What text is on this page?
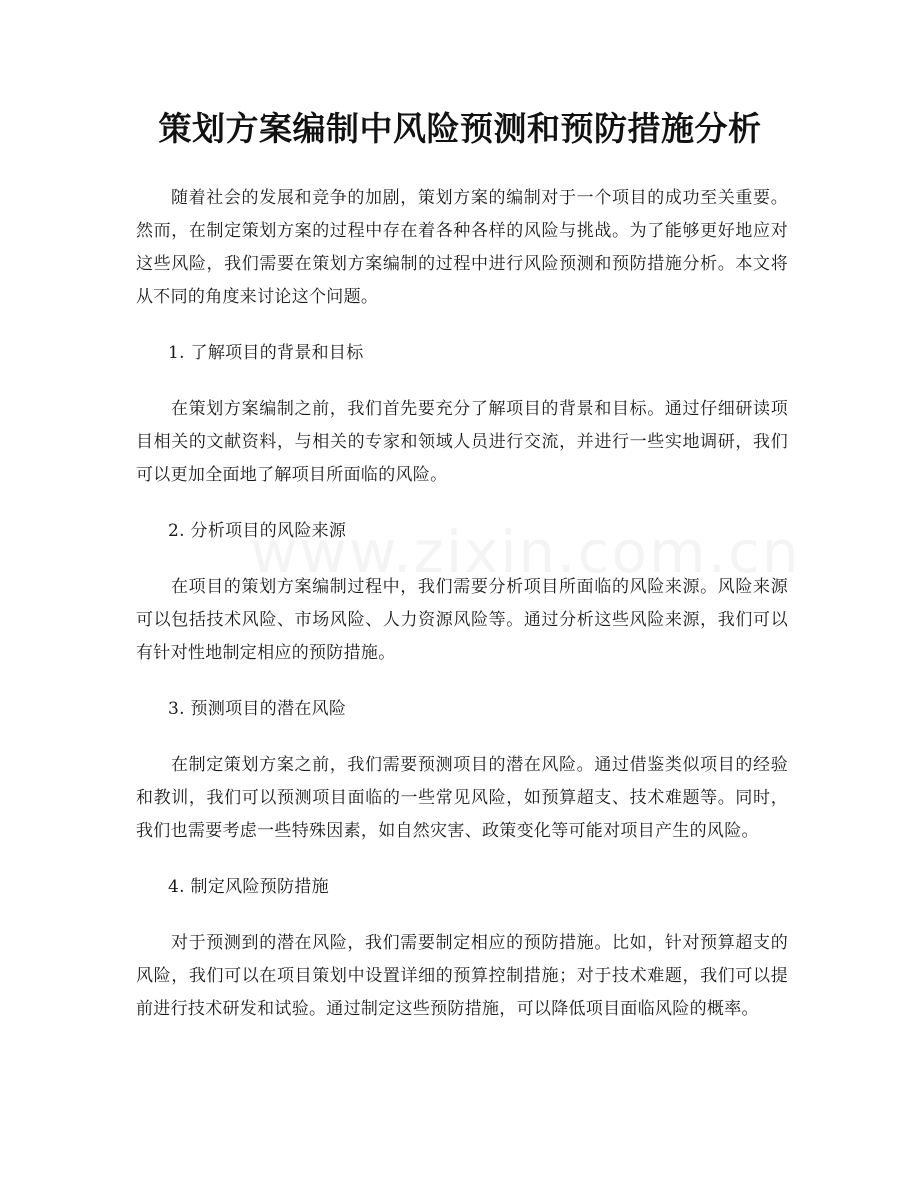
策划方案编制中风险预测和预防措施分析

随着社会的发展和竞争的加剧，策划方案的编制对于一个项目的成功至关重要。然而，在制定策划方案的过程中存在着各种各样的风险与挑战。为了能够更好地应对这些风险，我们需要在策划方案编制的过程中进行风险预测和预防措施分析。本文将从不同的角度来讨论这个问题。

1. 了解项目的背景和目标

在策划方案编制之前，我们首先要充分了解项目的背景和目标。通过仔细研读项目相关的文献资料，与相关的专家和领域人员进行交流，并进行一些实地调研，我们可以更加全面地了解项目所面临的风险。

2. 分析项目的风险来源

在项目的策划方案编制过程中，我们需要分析项目所面临的风险来源。风险来源可以包括技术风险、市场风险、人力资源风险等。通过分析这些风险来源，我们可以有针对性地制定相应的预防措施。

3. 预测项目的潜在风险

在制定策划方案之前，我们需要预测项目的潜在风险。通过借鉴类似项目的经验和教训，我们可以预测项目面临的一些常见风险，如预算超支、技术难题等。同时，我们也需要考虑一些特殊因素，如自然灾害、政策变化等可能对项目产生的风险。

4. 制定风险预防措施

对于预测到的潜在风险，我们需要制定相应的预防措施。比如，针对预算超支的风险，我们可以在项目策划中设置详细的预算控制措施；对于技术难题，我们可以提前进行技术研发和试验。通过制定这些预防措施，可以降低项目面临风险的概率。
